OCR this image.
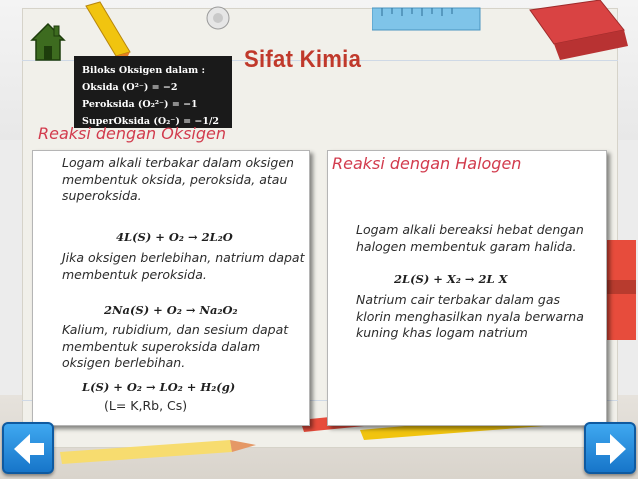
Biloks Oksigen dalam :
Oksida (O²⁻) = −2
Peroksida (O₂²⁻) = −1
SuperOksida (O₂⁻) = −1/2
Sifat Kimia
Reaksi dengan Oksigen
Logam alkali terbakar dalam oksigen membentuk oksida, peroksida, atau superoksida.
4L(S) + O₂ → 2L₂O
Jika oksigen berlebihan, natrium dapat membentuk peroksida.
2Na(S) + O₂ → Na₂O₂
Kalium, rubidium, dan sesium dapat membentuk superoksida dalam oksigen berlebihan.
L(S) + O₂ → LO₂ + H₂(g)
(L= K,Rb, Cs)
Reaksi dengan Halogen
Logam alkali bereaksi hebat dengan halogen membentuk garam halida.
2L(S) + X₂ → 2L X
Natrium cair terbakar dalam gas klorin menghasilkan nyala berwarna kuning khas logam natrium
